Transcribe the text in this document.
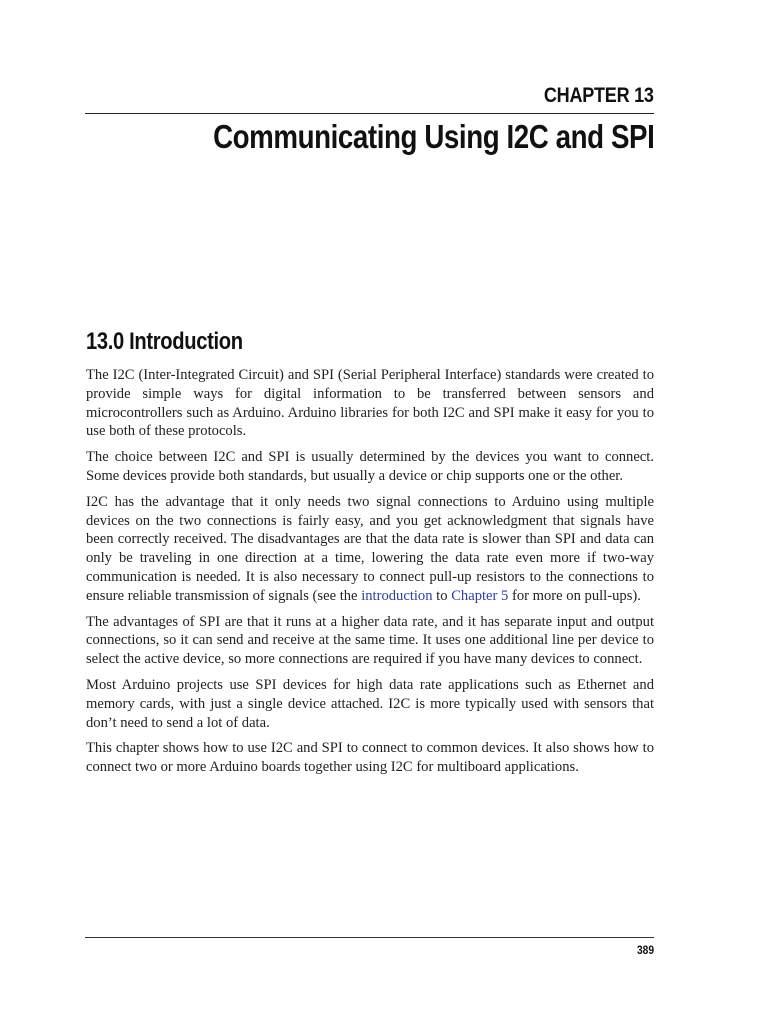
CHAPTER 13
Communicating Using I2C and SPI
13.0 Introduction

The I2C (Inter-Integrated Circuit) and SPI (Serial Peripheral Interface) standards were created to provide simple ways for digital information to be transferred between sensors and microcontrollers such as Arduino. Arduino libraries for both I2C and SPI make it easy for you to use both of these protocols.

The choice between I2C and SPI is usually determined by the devices you want to connect. Some devices provide both standards, but usually a device or chip supports one or the other.

I2C has the advantage that it only needs two signal connections to Arduino using multiple devices on the two connections is fairly easy, and you get acknowledgment that signals have been correctly received. The disadvantages are that the data rate is slower than SPI and data can only be traveling in one direction at a time, lowering the data rate even more if two-way communication is needed. It is also necessary to connect pull-up resistors to the connections to ensure reliable transmission of signals (see the introduction to Chapter 5 for more on pull-ups).

The advantages of SPI are that it runs at a higher data rate, and it has separate input and output connections, so it can send and receive at the same time. It uses one additional line per device to select the active device, so more connections are required if you have many devices to connect.

Most Arduino projects use SPI devices for high data rate applications such as Ethernet and memory cards, with just a single device attached. I2C is more typically used with sensors that don’t need to send a lot of data.

This chapter shows how to use I2C and SPI to connect to common devices. It also shows how to connect two or more Arduino boards together using I2C for multiboard applications.

389
